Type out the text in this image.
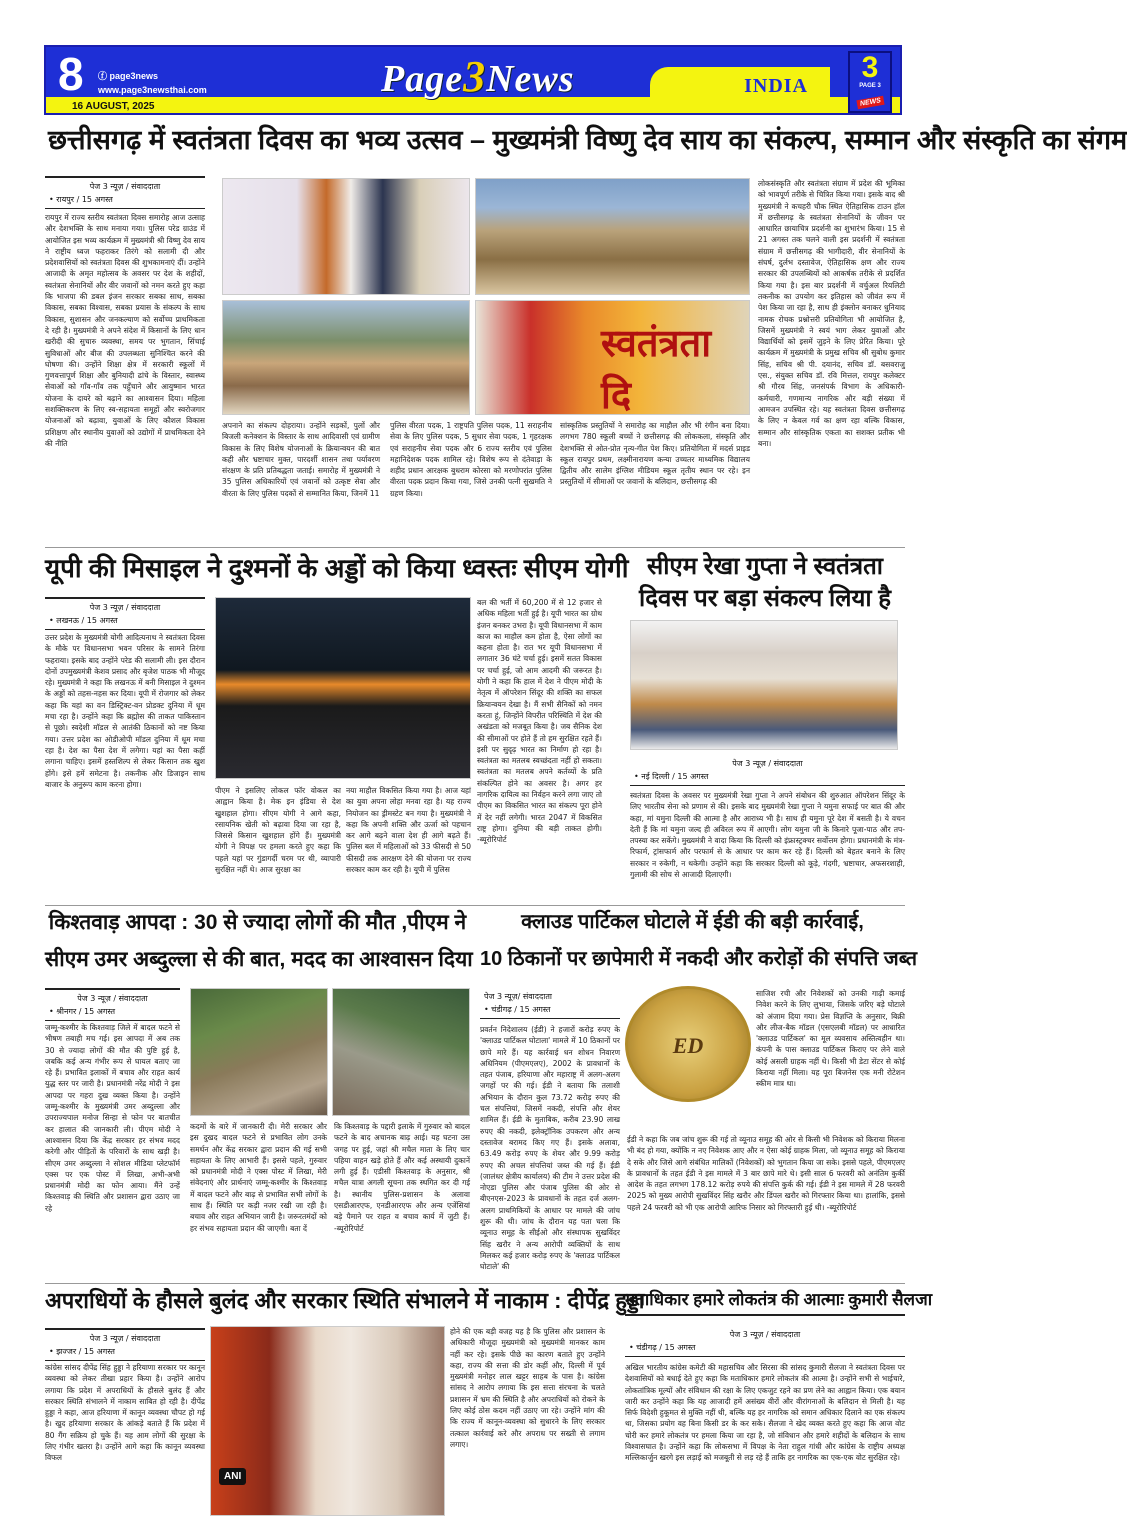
8 ⓕ page3news
www.page3newsthai.com
16 AUGUST, 2025
Page3News	INDIA
3
PAGE 3
NEWS
छत्तीसगढ़ में स्वतंत्रता दिवस का भव्य उत्सव – मुख्यमंत्री विष्णु देव साय का संकल्प, सम्मान और संस्कृति का संगम
पेज 3 न्यूज़ / संवाददाता
• रायपुर / 15 अगस्त
रायपुर में राज्य स्तरीय स्वतंत्रता दिवस समारोह आज उत्साह और देशभक्ति के साथ मनाया गया। पुलिस परेड ग्राउंड में आयोजित इस भव्य कार्यक्रम में मुख्यमंत्री श्री विष्णु देव साय ने राष्ट्रीय ध्वज फहराकर तिरंगे को सलामी दी और प्रदेशवासियों को स्वतंत्रता दिवस की शुभकामनाएं दीं। उन्होंने आजादी के अमृत महोत्सव के अवसर पर देश के शहीदों, स्वतंत्रता सेनानियों और वीर जवानों को नमन करते हुए कहा कि भाजपा की डबल इंजन सरकार सबका साथ, सबका विकास, सबका विश्वास, सबका प्रयास के संकल्प के साथ विकास, सुशासन और जनकल्याण को सर्वोच्च प्राथमिकता दे रही है। मुख्यमंत्री ने अपने संदेश में किसानों के लिए धान खरीदी की सुचारु व्यवस्था, समय पर भुगतान, सिंचाई सुविधाओं और बीज की उपलब्धता सुनिश्चित करने की घोषणा की। उन्होंने शिक्षा क्षेत्र में सरकारी स्कूलों में गुणवत्तापूर्ण शिक्षा और बुनियादी ढांचे के विस्तार, स्वास्थ्य सेवाओं को गाँव-गाँव तक पहुँचाने और आयुष्मान भारत योजना के दायरे को बढ़ाने का आश्वासन दिया। महिला सशक्तिकरण के लिए स्व-सहायता समूहों और स्वरोजगार योजनाओं को बढ़ावा, युवाओं के लिए कौशल विकास प्रशिक्षण और स्थानीय युवाओं को उद्योगों में प्राथमिकता देने की नीति
स्वतंत्रता दि
अपनाने का संकल्प दोहराया। उन्होंने सड़कों, पुलों और बिजली कनेक्शन के विस्तार के साथ आदिवासी एवं ग्रामीण विकास के लिए विशेष योजनाओं के क्रियान्वयन की बात कही और भ्रष्टाचार मुक्त, पारदर्शी शासन तथा पर्यावरण संरक्षण के प्रति प्रतिबद्धता जताई। समारोह में मुख्यमंत्री ने 35 पुलिस अधिकारियों एवं जवानों को उत्कृष्ट सेवा और वीरता के लिए पुलिस पदकों से सम्मानित किया, जिनमें 11
पुलिस वीरता पदक, 1 राष्ट्रपति पुलिस पदक, 11 सराहनीय सेवा के लिए पुलिस पदक, 5 सुधार सेवा पदक, 1 गृहरक्षक एवं सराहनीय सेवा पदक और 6 राज्य स्तरीय एवं पुलिस महानिदेशक पदक शामिल रहे। विशेष रूप से दंतेवाड़ा के शहीद प्रधान आरक्षक बुधराम कोरसा को मरणोपरांत पुलिस वीरता पदक प्रदान किया गया, जिसे उनकी पत्नी सुखमति ने ग्रहण किया।
सांस्कृतिक प्रस्तुतियों ने समारोह का माहौल और भी रंगीन बना दिया। लगभग 780 स्कूली बच्चों ने छत्तीसगढ़ की लोककला, संस्कृति और देशभक्ति से ओत-प्रोत नृत्य-गीत पेश किए। प्रतियोगिता में मदर्स प्राइड स्कूल रायपुर प्रथम, लक्ष्मीनारायण कन्या उच्चतर माध्यमिक विद्यालय द्वितीय और सालेम इंग्लिश मीडियम स्कूल तृतीय स्थान पर रहे। इन प्रस्तुतियों में सीमाओं पर जवानों के बलिदान, छत्तीसगढ़ की
लोकसंस्कृति और स्वतंत्रता संग्राम में प्रदेश की भूमिका को भावपूर्ण तरीके से चित्रित किया गया। इसके बाद श्री मुख्यमंत्री ने कचहरी चौक स्थित ऐतिहासिक टाउन हॉल में छत्तीसगढ़ के स्वतंत्रता सेनानियों के जीवन पर आधारित छायाचित्र प्रदर्शनी का शुभारंभ किया। 15 से 21 अगस्त तक चलने वाली इस प्रदर्शनी में स्वतंत्रता संग्राम में छत्तीसगढ़ की भागीदारी, वीर सेनानियों के संघर्ष, दुर्लभ दस्तावेज, ऐतिहासिक क्षण और राज्य सरकार की उपलब्धियों को आकर्षक तरीके से प्रदर्शित किया गया है। इस बार प्रदर्शनी में वर्चुअल रियलिटी तकनीक का उपयोग कर इतिहास को जीवंत रूप में पेश किया जा रहा है, साथ ही इंक्लोन बनाकर धुनियाद नामक रोचक प्रश्नोत्तरी प्रतियोगिता भी आयोजित है, जिसमें मुख्यमंत्री ने स्वयं भाग लेकर युवाओं और विद्यार्थियों को इसमें जुड़ने के लिए प्रेरित किया। पूरे कार्यक्रम में मुख्यमंत्री के प्रमुख सचिव श्री सुबोध कुमार सिंह, सचिव श्री पी. दयानंद, सचिव डॉ. बसवराजु एस., संयुक्त सचिव डॉ. रवि मित्तल, रायपुर कलेक्टर श्री गौरव सिंह, जनसंपर्क विभाग के अधिकारी-कर्मचारी, गणमान्य नागरिक और बड़ी संख्या में आमजन उपस्थित रहे। यह स्वतंत्रता दिवस छत्तीसगढ़ के लिए न केवल गर्व का क्षण रहा बल्कि विकास, सम्मान और सांस्कृतिक एकता का सशक्त प्रतीक भी बना।
यूपी की मिसाइल ने दुश्मनों के अड्डों को किया ध्वस्तः सीएम योगी
पेज 3 न्यूज़ / संवाददाता
• लखनऊ / 15 अगस्त
उत्तर प्रदेश के मुख्यमंत्री योगी आदित्यनाथ ने स्वतंत्रता दिवस के मौके पर विधानसभा भवन परिसर के सामने तिरंगा फहराया। इसके बाद उन्होंने परेड की सलामी ली। इस दौरान दोनों उपमुख्यमंत्री केशव प्रसाद और बृजेश पाठक भी मौजूद रहे। मुख्यमंत्री ने कहा कि लखनऊ में बनी मिसाइल ने दुश्मन के अड्डों को तहस-नहस कर दिया। यूपी में रोजगार को लेकर कहा कि यहां का वन डिस्ट्रिक्ट-वन प्रोडक्ट दुनिया में धूम मचा रहा है। उन्होंने कहा कि ब्रह्मोस की ताकत पाकिस्तान से पूछो। स्वदेशी मॉडल से आतंकी ठिकानों को नष्ट किया गया। उत्तर प्रदेश का ओडीओपी मॉडल दुनिया में धूम मचा रहा है। देश का पैसा देश में लगेगा। यहां का पैसा कहीं लगाना चाहिए। इसमें हस्तशिल्प से लेकर किसान तक खुश होंगे। इसे हमें समेटना है। तकनीक और डिजाइन साथ बाजार के अनुरूप काम करना होगा।
पीएम ने इसलिए लोकल फॉर वोकल का आह्वान किया है। मेक इन इंडिया से देश खुशहाल होगा। सीएम योगी ने आगे कहा, रसायनिक खेती को बढ़ावा दिया जा रहा है, जिससे किसान खुशहाल होंगे हैं। मुख्यमंत्री योगी ने विपक्ष पर हमला करते हुए कहा कि पहले यहां पर गुंडागर्दी चरम पर थी, व्यापारी सुरक्षित नहीं थे। आज सुरक्षा का
नया माहौल विकसित किया गया है। आज यहां का युवा अपना लोहा मनवा रहा है। यह राज्य नियोजन का ड्रीमस्टेट बन गया है। मुख्यमंत्री ने कहा कि अपनी शक्ति और ऊर्जा को पहचान कर आगे बढ़ने वाला देश ही आगे बढ़ते हैं। पुलिस बल में महिलाओं को 33 फीसदी से 50 फीसदी तक आरक्षण देने की योजना पर राज्य सरकार काम कर रही है। यूपी में पुलिस
बल की भर्ती में 60,200 में से 12 हजार से अधिक महिला भर्ती हुई है। यूपी भारत का ग्रोथ इंजन बनकर उभरा है। यूपी विधानसभा में काम काज का माहौल कम होता है, ऐसा लोगों का कहना होता है। रात भर यूपी विधानसभा में लगातार 36 घंटे चर्चा हुई। इसमें सतत विकास पर चर्चा हुई, जो आम आदमी की जरूरत है। योगी ने कहा कि हाल में देश ने पीएम मोदी के नेतृत्व में ऑपरेशन सिंदूर की शक्ति का सफल क्रियान्वयन देखा है। मैं सभी सैनिकों को नमन करता हूं, जिन्होंने विपरीत परिस्थिति में देश की अखंडता को मजबूत किया है। जब सैनिक देश की सीमाओं पर होते हैं तो हम सुरक्षित रहते हैं। इसी पर सुदृढ़ भारत का निर्माण हो रहा है। स्वतंत्रता का मतलब स्वच्छंदता नहीं हो सकता। स्वतंत्रता का मतलब अपने कर्तव्यों के प्रति संकल्पित होने का अवसर है। अगर हर नागरिक दायित्व का निर्वहन करने लगा जाए तो पीएम का विकसित भारत का संकल्प पूरा होने में देर नहीं लगेगी। भारत 2047 में विकसित राष्ट्र होगा। दुनिया की बड़ी ताकत होगी। -ब्यूरोरिपोर्ट
सीएम रेखा गुप्ता ने स्वतंत्रता
दिवस पर बड़ा संकल्प लिया है
पेज 3 न्यूज़ / संवाददाता
• नई दिल्ली / 15 अगस्त
स्वतंत्रता दिवस के अवसर पर मुख्यमंत्री रेखा गुप्ता ने अपने संबोधन की शुरुआत ऑपरेशन सिंदूर के लिए भारतीय सेना को प्रणाम से की। इसके बाद मुख्यमंत्री रेखा गुप्ता ने यमुना सफाई पर बात की और कहा, मां यमुना दिल्ली की आत्मा है और आराध्य भी है। साथ ही यमुना पूरे देश में बसती है। ये वचन देती हैं कि मां यमुना जल्द ही अविरल रूप में आएगी। लोग यमुना जी के किनारे पूजा-पाठ और तप-तपस्या कर सकेंगे। मुख्यमंत्री ने वादा किया कि दिल्ली को इंफ्रास्ट्रक्चर सर्वोत्तम होगा। प्रधानमंत्री के मंत्र- रिफार्म, ट्रांसफार्म और परफार्म से के आधार पर काम कर रहे हैं। दिल्ली को बेहतर बनाने के लिए सरकार न रुकेगी, न थकेगी। उन्होंने कहा कि सरकार दिल्ली को कूड़े, गंदगी, भ्रष्टाचार, अफसरशाही, गुलामी की सोच से आजादी दिलाएगी।
किश्तवाड़ आपदा : 30 से ज्यादा लोगों की मौत ,पीएम ने
सीएम उमर अब्दुल्ला से की बात, मदद का आश्वासन दिया
पेज 3 न्यूज़ / संवाददाता
• श्रीनगर / 15 अगस्त
जम्मू-कश्मीर के किश्तवाड़ जिले में बादल फटने से भीषण तबाही मच गई। इस आपदा में अब तक 30 से ज्यादा लोगों की मौत की पुष्टि हुई है, जबकि कई अन्य गंभीर रूप से घायल बताए जा रहे हैं। प्रभावित इलाकों में बचाव और राहत कार्य युद्ध स्तर पर जारी है। प्रधानमंत्री नरेंद्र मोदी ने इस आपदा पर गहरा दुख व्यक्त किया है। उन्होंने जम्मू-कश्मीर के मुख्यमंत्री उमर अब्दुल्ला और उपराज्यपाल मनोज सिन्हा से फोन पर बातचीत कर हालात की जानकारी ली। पीएम मोदी ने आश्वासन दिया कि केंद्र सरकार हर संभव मदद करेगी और पीड़ितों के परिवारों के साथ खड़ी है। सीएम उमर अब्दुल्ला ने सोशल मीडिया प्लेटफॉर्म एक्स पर एक पोस्ट में लिखा, अभी-अभी प्रधानमंत्री मोदी का फोन आया। मैंने उन्हें किश्तवाड़ की स्थिति और प्रशासन द्वारा उठाए जा रहे
कदमों के बारे में जानकारी दी। मेरी सरकार और इस दुखद बादल फटने से प्रभावित लोग उनके समर्थन और केंद्र सरकार द्वारा प्रदान की गई सभी सहायता के लिए आभारी हैं। इससे पहले, गुरुवार को प्रधानमंत्री मोदी ने एक्स पोस्ट में लिखा, मेरी संवेदनाएं और प्रार्थनाएं जम्मू-कश्मीर के किश्तवाड़ में बादल फटने और बाढ़ से प्रभावित सभी लोगों के साथ हैं। स्थिति पर कड़ी नजर रखी जा रही है। बचाव और राहत अभियान जारी है। जरूरतमंदों को हर संभव सहायता प्रदान की जाएगी। बता दें
कि किश्तवाड़ के पद्दारी इलाके में गुरुवार को बादल फटने के बाद अचानक बाढ़ आई। यह घटना उस जगह पर हुई, जहां श्री मचैल माता के लिए चार पहिया वाहन खड़े होते हैं और कई अस्थायी दुकानें लगी हुई हैं। एडीसी किश्तवाड़ के अनुसार, श्री मचैल यात्रा अगली सूचना तक स्थगित कर दी गई है। स्थानीय पुलिस-प्रशासन के अलावा एसडीआरएफ, एनडीआरएफ और अन्य एजेंसियां बड़े पैमाने पर राहत व बचाव कार्य में जुटी हैं। -ब्यूरोरिपोर्ट
क्लाउड पार्टिकल घोटाले में ईडी की बड़ी कार्रवाई,
10 ठिकानों पर छापेमारी में नकदी और करोड़ों की संपत्ति जब्त
पेज 3 न्यूज़/ संवाददाता
• चंडीगढ़ / 15 अगस्त
ED
साजिश रची और निवेशकों को उनकी गाढ़ी कमाई निवेश करने के लिए लुभाया, जिसके जरिए बड़े घोटाले को अंजाम दिया गया। प्रेस विज्ञप्ति के अनुसार, बिक्री और लीज-बैक मॉडल (एसएलबी मॉडल) पर आधारित 'क्लाउड पार्टिकल' का मूल व्यवसाय अस्तित्वहीन था। कंपनी के पास क्लाउड पार्टिकल किराए पर लेने वाले कोई असली ग्राहक नहीं थे। किसी भी डेटा सेंटर से कोई किराया नहीं मिला। यह पूरा बिजनेस एक मनी रोटेशन स्कीम मात्र था।
प्रवर्तन निदेशालय (ईडी) ने हजारों करोड़ रुपए के 'क्लाउड पार्टिकल घोटाला' मामले में 10 ठिकानों पर छापे मारे हैं। यह कार्रवाई धन शोधन निवारण अधिनियम (पीएमएलए), 2002 के प्रावधानों के तहत पंजाब, हरियाणा और महाराष्ट्र में अलग-अलग जगहों पर की गई। ईडी ने बताया कि तलाशी अभियान के दौरान कुल 73.72 करोड़ रुपए की चल संपत्तियां, जिसमें नकदी, संपत्ति और शेयर शामिल हैं। ईडी के मुताबिक, करीब 23.90 लाख रुपए की नकदी, इलेक्ट्रॉनिक उपकरण और अन्य दस्तावेज बरामद किए गए हैं। इसके अलावा, 63.49 करोड़ रुपए के शेयर और 9.99 करोड़ रुपए की अचल संपत्तियां जब्त की गई हैं। ईडी (जालंधर क्षेत्रीय कार्यालय) की टीम ने उत्तर प्रदेश की नोएडा पुलिस और पंजाब पुलिस की ओर से बीएनएस-2023 के प्रावधानों के तहत दर्ज अलग-अलग प्राथमिकियों के आधार पर मामले की जांच शुरू की थी। जांच के दौरान यह पता चला कि व्यूनाउ समूह के सीईओ और संस्थापक सुखविंदर सिंह खरौर ने अन्य आरोपी व्यक्तियों के साथ मिलकर कई हजार करोड़ रुपए के 'क्लाउड पार्टिकल घोटाले' की
ईडी ने कहा कि जब जांच शुरू की गई तो व्यूनाउ समूह की ओर से किसी भी निवेशक को किराया मिलना भी बंद हो गया, क्योंकि न नए निवेशक आए और न ऐसा कोई ग्राहक मिला, जो व्यूनाउ समूह को किराया दे सके और जिसे आगे संबंधित मालिकों (निवेशकों) को भुगतान किया जा सके। इससे पहले, पीएमएलए के प्रावधानों के तहत ईडी ने इस मामले में 3 बार छापे मारे थे। इसी साल 6 फरवरी को अनंतिम कुर्की आदेश के तहत लगभग 178.12 करोड़ रुपये की संपत्ति कुर्क की गई। ईडी ने इस मामले में 28 फरवरी 2025 को मुख्य आरोपी सुखविंदर सिंह खरौर और डिंपल खरौर को गिरफ्तार किया था। हालांकि, इससे पहले 24 फरवरी को भी एक आरोपी आरिफ निसार को गिरफ्तारी हुई थी। -ब्यूरोरिपोर्ट
अपराधियों के हौसले बुलंद और सरकार स्थिति संभालने में नाकाम : दीपेंद्र हुड्डा
पेज 3 न्यूज़ / संवाददाता
• झज्जर / 15 अगस्त
कांग्रेस सांसद दीपेंद्र सिंह हुड्डा ने हरियाणा सरकार पर कानून व्यवस्था को लेकर तीखा प्रहार किया है। उन्होंने आरोप लगाया कि प्रदेश में अपराधियों के हौसले बुलंद हैं और सरकार स्थिति संभालने में नाकाम साबित हो रही है। दीपेंद्र हुड्डा ने कहा, आज हरियाणा में कानून व्यवस्था चौपट हो गई है। खुद हरियाणा सरकार के आंकड़े बताते हैं कि प्रदेश में 80 गैंग सक्रिय हो चुके हैं। यह आम लोगों की सुरक्षा के लिए गंभीर खतरा है। उन्होंने आगे कहा कि कानून व्यवस्था विफल
ANI
होने की एक बड़ी वजह यह है कि पुलिस और प्रशासन के अधिकारी मौजूदा मुख्यमंत्री को मुख्यमंत्री मानकर काम नहीं कर रहे। इसके पीछे का कारण बताते हुए उन्होंने कहा, राज्य की सत्ता की डोर कहीं और, दिल्ली में पूर्व मुख्यमंत्री मनोहर लाल खट्टर साहब के पास है। कांग्रेस सांसद ने आरोप लगाया कि इस सत्ता संरचना के चलते प्रशासन में भ्रम की स्थिति है और अपराधियों को रोकने के लिए कोई ठोस कदम नहीं उठाए जा रहे। उन्होंने मांग की कि राज्य में कानून-व्यवस्था को सुधारने के लिए सरकार तत्काल कार्रवाई करे और अपराध पर सख्ती से लगाम लगाए।
मताधिकार हमारे लोकतंत्र की आत्माः कुमारी सैलजा
पेज 3 न्यूज़ / संवाददाता
• चंडीगढ़ / 15 अगस्त
अखिल भारतीय कांग्रेस कमेटी की महासचिव और सिरसा की सांसद कुमारी सैलजा ने स्वतंत्रता दिवस पर देशवासियों को बधाई देते हुए कहा कि मताधिकार हमारे लोकतंत्र की आत्मा है। उन्होंने सभी से भाईचारे, लोकतांत्रिक मूल्यों और संविधान की रक्षा के लिए एकजुट रहने का प्रण लेने का आह्वान किया। एक बयान जारी कर उन्होंने कहा कि यह आजादी हमें असंख्य वीरों और वीरांगनाओं के बलिदान से मिली है। यह सिर्फ विदेशी हुकूमत से मुक्ति नहीं थी, बल्कि यह हर नागरिक को समान अधिकार दिलाने का एक संकल्प था, जिसका प्रयोग वह बिना किसी डर के कर सके। सैलजा ने खेद व्यक्त करते हुए कहा कि आज वोट चोरी कर हमारे लोकतंत्र पर हमला किया जा रहा है, जो संविधान और हमारे शहीदों के बलिदान के साथ विश्वासघात है। उन्होंने कहा कि लोकसभा में विपक्ष के नेता राहुल गांधी और कांग्रेस के राष्ट्रीय अध्यक्ष मल्लिकार्जुन खरगे इस लड़ाई को मजबूती से लड़ रहे हैं ताकि हर नागरिक का एक-एक वोट सुरक्षित रहे।
